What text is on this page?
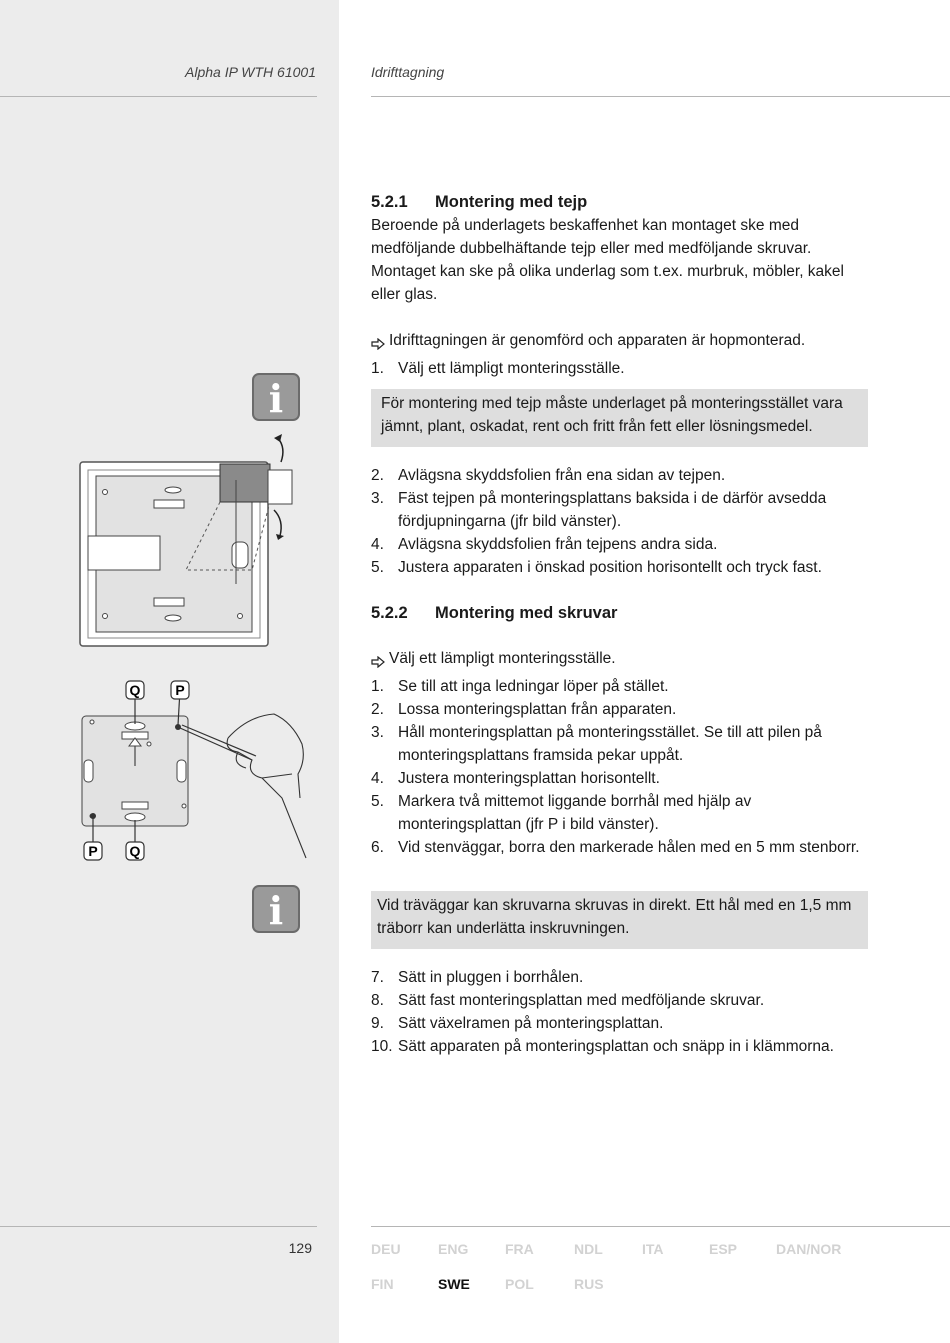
Alpha IP WTH 61001	Idrifttagning
i
i
Q P
P Q
5.2.1 Montering med tejp

Beroende på underlagets beskaffenhet kan montaget ske med medföljande dubbelhäftande tejp eller med medföljande skruvar. Montaget kan ske på olika underlag som t.ex. murbruk, möbler, kakel eller glas.

Idrifttagningen är genomförd och apparaten är hopmonterad.
1. Välj ett lämpligt monteringsställe.

För montering med tejp måste underlaget på monteringsstället vara jämnt, plant, oskadat, rent och fritt från fett eller lösningsmedel.

2. Avlägsna skyddsfolien från ena sidan av tejpen.
3. Fäst tejpen på monteringsplattans baksida i de därför avsedda fördjupningarna (jfr bild vänster).
4. Avlägsna skyddsfolien från tejpens andra sida.
5. Justera apparaten i önskad position horisontellt och tryck fast.
5.2.2 Montering med skruvar
Välj ett lämpligt monteringsställe.
1. Se till att inga ledningar löper på stället.
2. Lossa monteringsplattan från apparaten.
3. Håll monteringsplattan på monteringsstället. Se till att pilen på monteringsplattans framsida pekar uppåt.
4. Justera monteringsplattan horisontellt.
5. Markera två mittemot liggande borrhål med hjälp av monteringsplattan (jfr P i bild vänster).
6. Vid stenväggar, borra den markerade hålen med en 5 mm stenborr.

Vid träväggar kan skruvarna skruvas in direkt. Ett hål med en 1,5 mm träborr kan underlätta inskruvningen.

7. Sätt in pluggen i borrhålen.
8. Sätt fast monteringsplattan med medföljande skruvar.
9. Sätt växelramen på monteringsplattan.
10. Sätt apparaten på monteringsplattan och snäpp in i klämmorna.
129	DEU	ENG	FRA	NDL	ITA	ESP	DAN/NOR
FIN	SWE	POL	RUS
